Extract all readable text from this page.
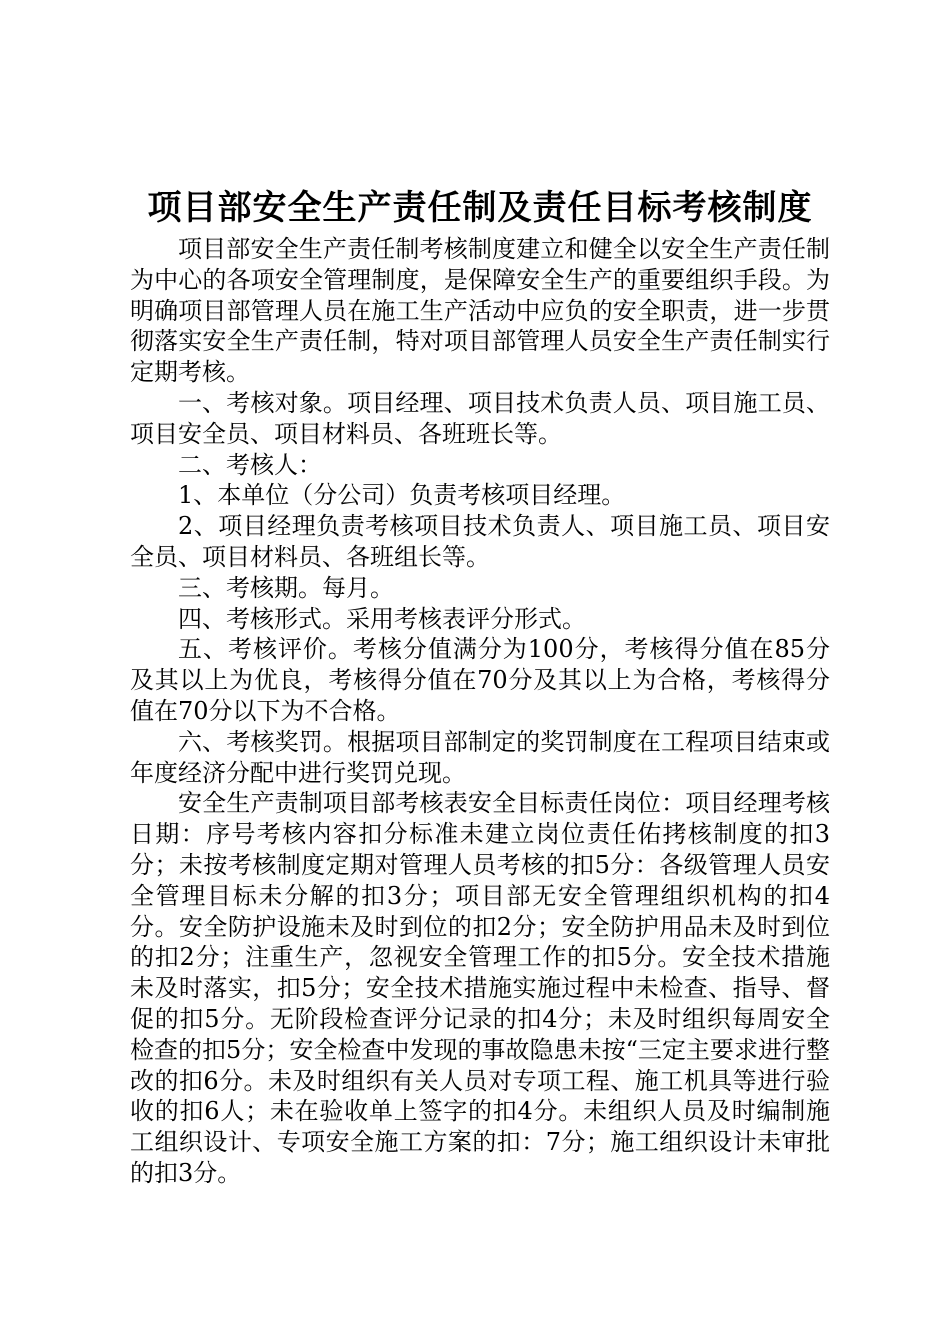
项目部安全生产责任制及责任目标考核制度

项目部安全生产责任制考核制度建立和健全以安全生产责任制为中心的各项安全管理制度，是保障安全生产的重要组织手段。为明确项目部管理人员在施工生产活动中应负的安全职责，进一步贯彻落实安全生产责任制，特对项目部管理人员安全生产责任制实行定期考核。

一、考核对象。项目经理、项目技术负责人员、项目施工员、项目安全员、项目材料员、各班班长等。

二、考核人：

1、本单位（分公司）负责考核项目经理。

2、项目经理负责考核项目技术负责人、项目施工员、项目安全员、项目材料员、各班组长等。

三、考核期。每月。

四、考核形式。采用考核表评分形式。

五、考核评价。考核分值满分为100分，考核得分值在85分及其以上为优良，考核得分值在70分及其以上为合格，考核得分值在70分以下为不合格。

六、考核奖罚。根据项目部制定的奖罚制度在工程项目结束或年度经济分配中进行奖罚兑现。

安全生产责制项目部考核表安全目标责任岗位：项目经理考核日期：序号考核内容扣分标准未建立岗位责任佑拷核制度的扣3分；未按考核制度定期对管理人员考核的扣5分：各级管理人员安全管理目标未分解的扣3分；项目部无安全管理组织机构的扣4分。安全防护设施未及时到位的扣2分；安全防护用品未及时到位的扣2分；注重生产，忽视安全管理工作的扣5分。安全技术措施未及时落实，扣5分；安全技术措施实施过程中未检查、指导、督促的扣5分。无阶段检查评分记录的扣4分；未及时组织每周安全检查的扣5分；安全检查中发现的事故隐患未按“三定主要求进行整改的扣6分。未及时组织有关人员对专项工程、施工机具等进行验收的扣6人；未在验收单上签字的扣4分。未组织人员及时编制施工组织设计、专项安全施工方案的扣：7分；施工组织设计未审批的扣3分。
